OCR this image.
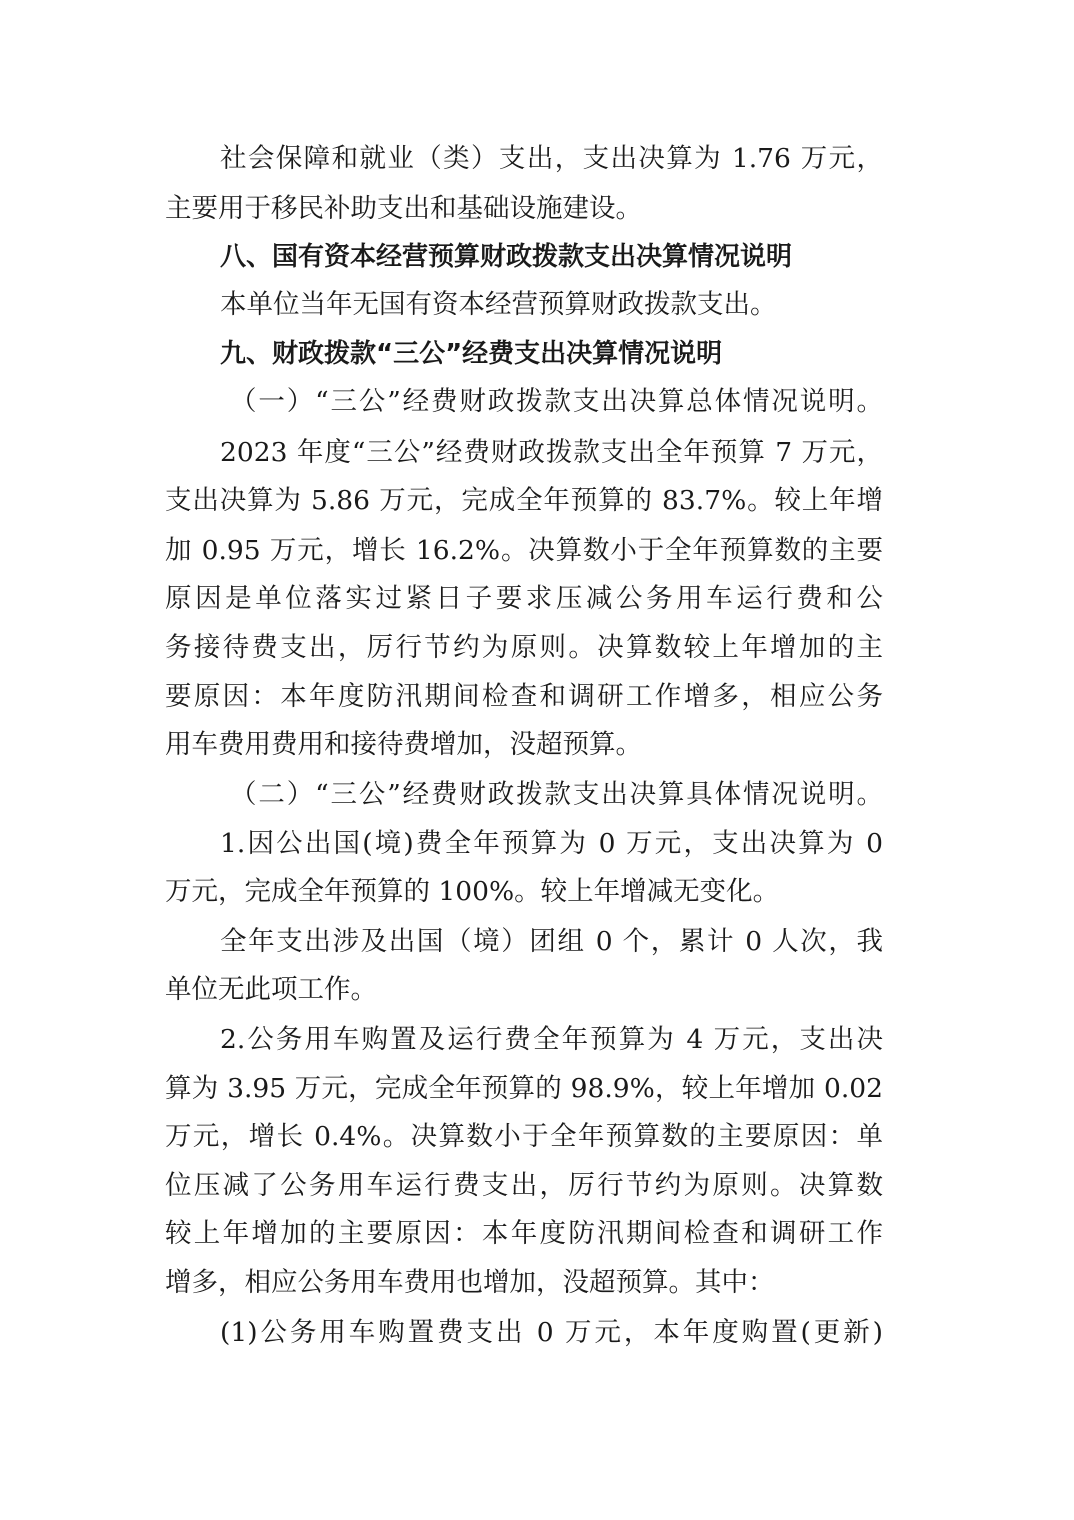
社会保障和就业（类）支出，支出决算为 1.76 万元，
主要用于移民补助支出和基础设施建设。
八、国有资本经营预算财政拨款支出决算情况说明
本单位当年无国有资本经营预算财政拨款支出。
九、财政拨款“三公”经费支出决算情况说明
（一）“三公”经费财政拨款支出决算总体情况说明。
2023 年度“三公”经费财政拨款支出全年预算 7 万元，
支出决算为 5.86 万元，完成全年预算的 83.7%。较上年增
加 0.95 万元，增长 16.2%。决算数小于全年预算数的主要
原因是单位落实过紧日子要求压减公务用车运行费和公
务接待费支出，厉行节约为原则。决算数较上年增加的主
要原因：本年度防汛期间检查和调研工作增多，相应公务
用车费用费用和接待费增加，没超预算。
（二）“三公”经费财政拨款支出决算具体情况说明。
1.因公出国(境)费全年预算为 0 万元，支出决算为 0
万元，完成全年预算的 100%。较上年增减无变化。
全年支出涉及出国（境）团组 0 个，累计 0 人次，我
单位无此项工作。
2.公务用车购置及运行费全年预算为 4 万元，支出决
算为 3.95 万元，完成全年预算的 98.9%，较上年增加 0.02
万元，增长 0.4%。决算数小于全年预算数的主要原因：单
位压减了公务用车运行费支出，厉行节约为原则。决算数
较上年增加的主要原因：本年度防汛期间检查和调研工作
增多，相应公务用车费用也增加，没超预算。其中：
(1)公务用车购置费支出 0 万元，本年度购置(更新)
